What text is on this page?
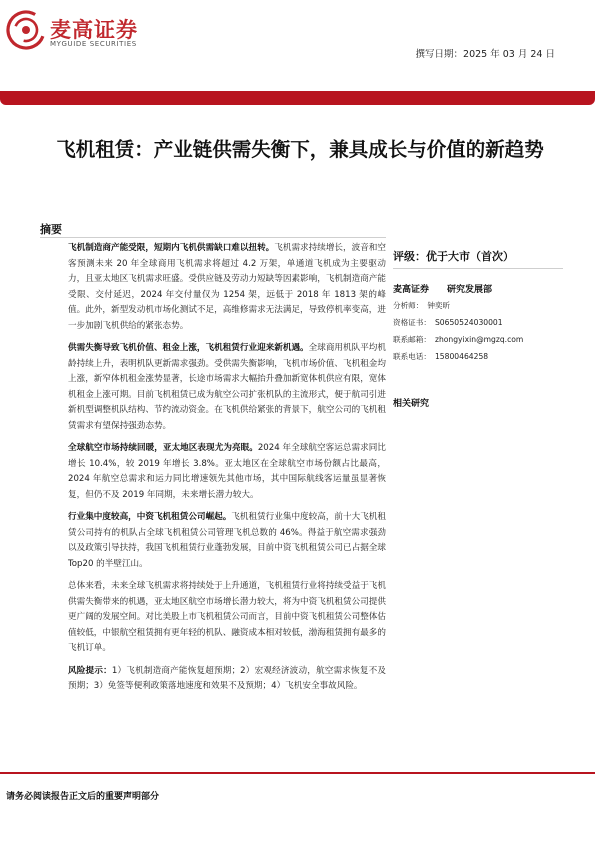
麦高证券
MYGUIDE SECURITIES
撰写日期：2025 年 03 月 24 日
飞机租赁：产业链供需失衡下，兼具成长与价值的新趋势
摘要

飞机制造商产能受限，短期内飞机供需缺口难以扭转。飞机需求持续增长，波音和空客预测未来 20 年全球商用飞机需求将超过 4.2 万架，单通道飞机成为主要驱动力，且亚太地区飞机需求旺盛。受供应链及劳动力短缺等因素影响，飞机制造商产能受限、交付延迟，2024 年交付量仅为 1254 架，远低于 2018 年 1813 架的峰值。此外，新型发动机市场化测试不足，高维修需求无法满足，导致停机率变高，进一步加剧飞机供给的紧张态势。

供需失衡导致飞机价值、租金上涨，飞机租赁行业迎来新机遇。全球商用机队平均机龄持续上升，表明机队更新需求强劲。受供需失衡影响，飞机市场价值、飞机租金均上涨，新窄体机租金涨势显著，长途市场需求大幅抬升叠加新宽体机供应有限，宽体机租金上涨可期。目前飞机租赁已成为航空公司扩张机队的主流形式，便于航司引进新机型调整机队结构、节约流动资金。在飞机供给紧张的背景下，航空公司的飞机租赁需求有望保持强劲态势。

全球航空市场持续回暖，亚太地区表现尤为亮眼。2024 年全球航空客运总需求同比增长 10.4%，较 2019 年增长 3.8%。亚太地区在全球航空市场份额占比最高，2024 年航空总需求和运力同比增速领先其他市场，其中国际航线客运量虽显著恢复，但仍不及 2019 年同期，未来增长潜力较大。

行业集中度较高，中资飞机租赁公司崛起。飞机租赁行业集中度较高，前十大飞机租赁公司持有的机队占全球飞机租赁公司管理飞机总数的 46%。得益于航空需求强劲以及政策引导扶持，我国飞机租赁行业蓬勃发展，目前中资飞机租赁公司已占据全球 Top20 的半壁江山。

总体来看，未来全球飞机需求将持续处于上升通道，飞机租赁行业将持续受益于飞机供需失衡带来的机遇，亚太地区航空市场增长潜力较大，将为中资飞机租赁公司提供更广阔的发展空间。对比美股上市飞机租赁公司而言，目前中资飞机租赁公司整体估值较低，中银航空租赁拥有更年轻的机队、融资成本相对较低，渤海租赁拥有最多的飞机订单。

风险提示：1）飞机制造商产能恢复超预期；2）宏观经济波动，航空需求恢复不及预期；3）免签等便利政策落地速度和效果不及预期；4）飞机安全事故风险。

评级：优于大市（首次）
麦高证券 研究发展部
分析师： 钟奕昕
资格证书： S0650524030001
联系邮箱： zhongyixin@mgzq.com
联系电话： 15800464258
相关研究
请务必阅读报告正文后的重要声明部分
